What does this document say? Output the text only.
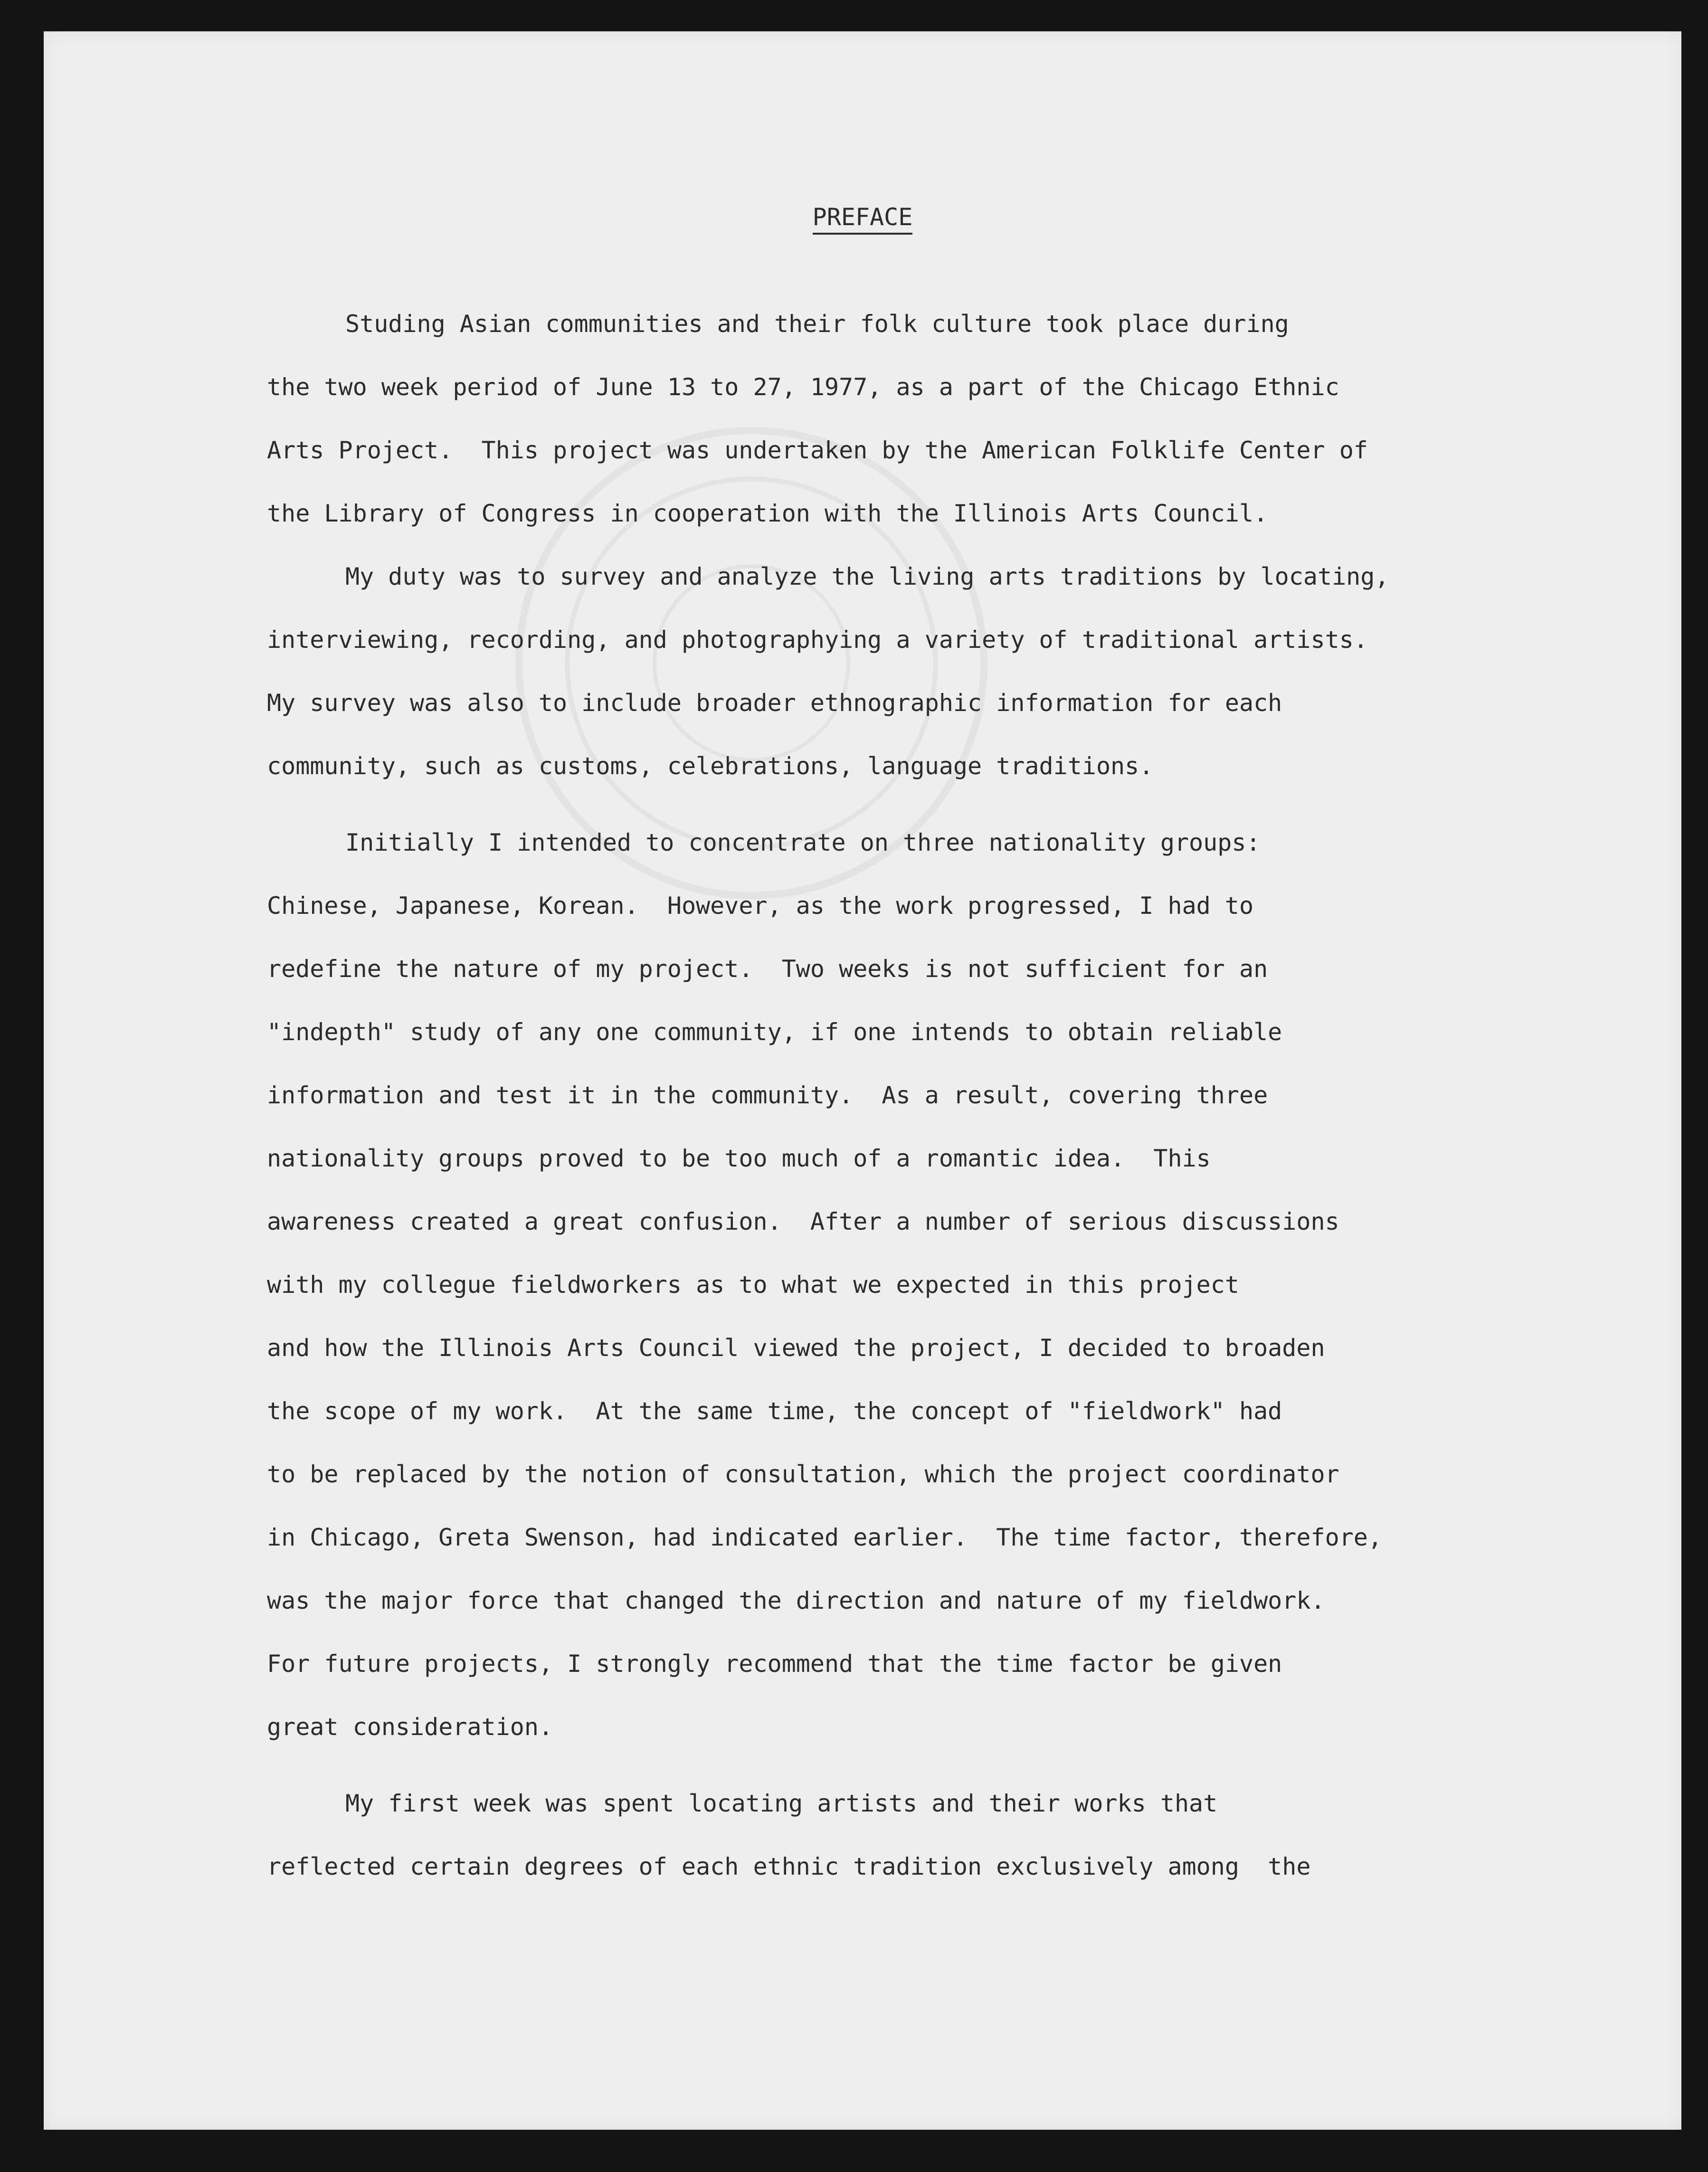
PREFACE
Studing Asian communities and their folk culture took place during
the two week period of June 13 to 27, 1977, as a part of the Chicago Ethnic
Arts Project.  This project was undertaken by the American Folklife Center of
the Library of Congress in cooperation with the Illinois Arts Council.
My duty was to survey and analyze the living arts traditions by locating,
interviewing, recording, and photographying a variety of traditional artists.
My survey was also to include broader ethnographic information for each
community, such as customs, celebrations, language traditions.
Initially I intended to concentrate on three nationality groups:
Chinese, Japanese, Korean.  However, as the work progressed, I had to
redefine the nature of my project.  Two weeks is not sufficient for an
"indepth" study of any one community, if one intends to obtain reliable
information and test it in the community.  As a result, covering three
nationality groups proved to be too much of a romantic idea.  This
awareness created a great confusion.  After a number of serious discussions
with my collegue fieldworkers as to what we expected in this project
and how the Illinois Arts Council viewed the project, I decided to broaden
the scope of my work.  At the same time, the concept of "fieldwork" had
to be replaced by the notion of consultation, which the project coordinator
in Chicago, Greta Swenson, had indicated earlier.  The time factor, therefore,
was the major force that changed the direction and nature of my fieldwork.
For future projects, I strongly recommend that the time factor be given
great consideration.
My first week was spent locating artists and their works that
reflected certain degrees of each ethnic tradition exclusively among  the
